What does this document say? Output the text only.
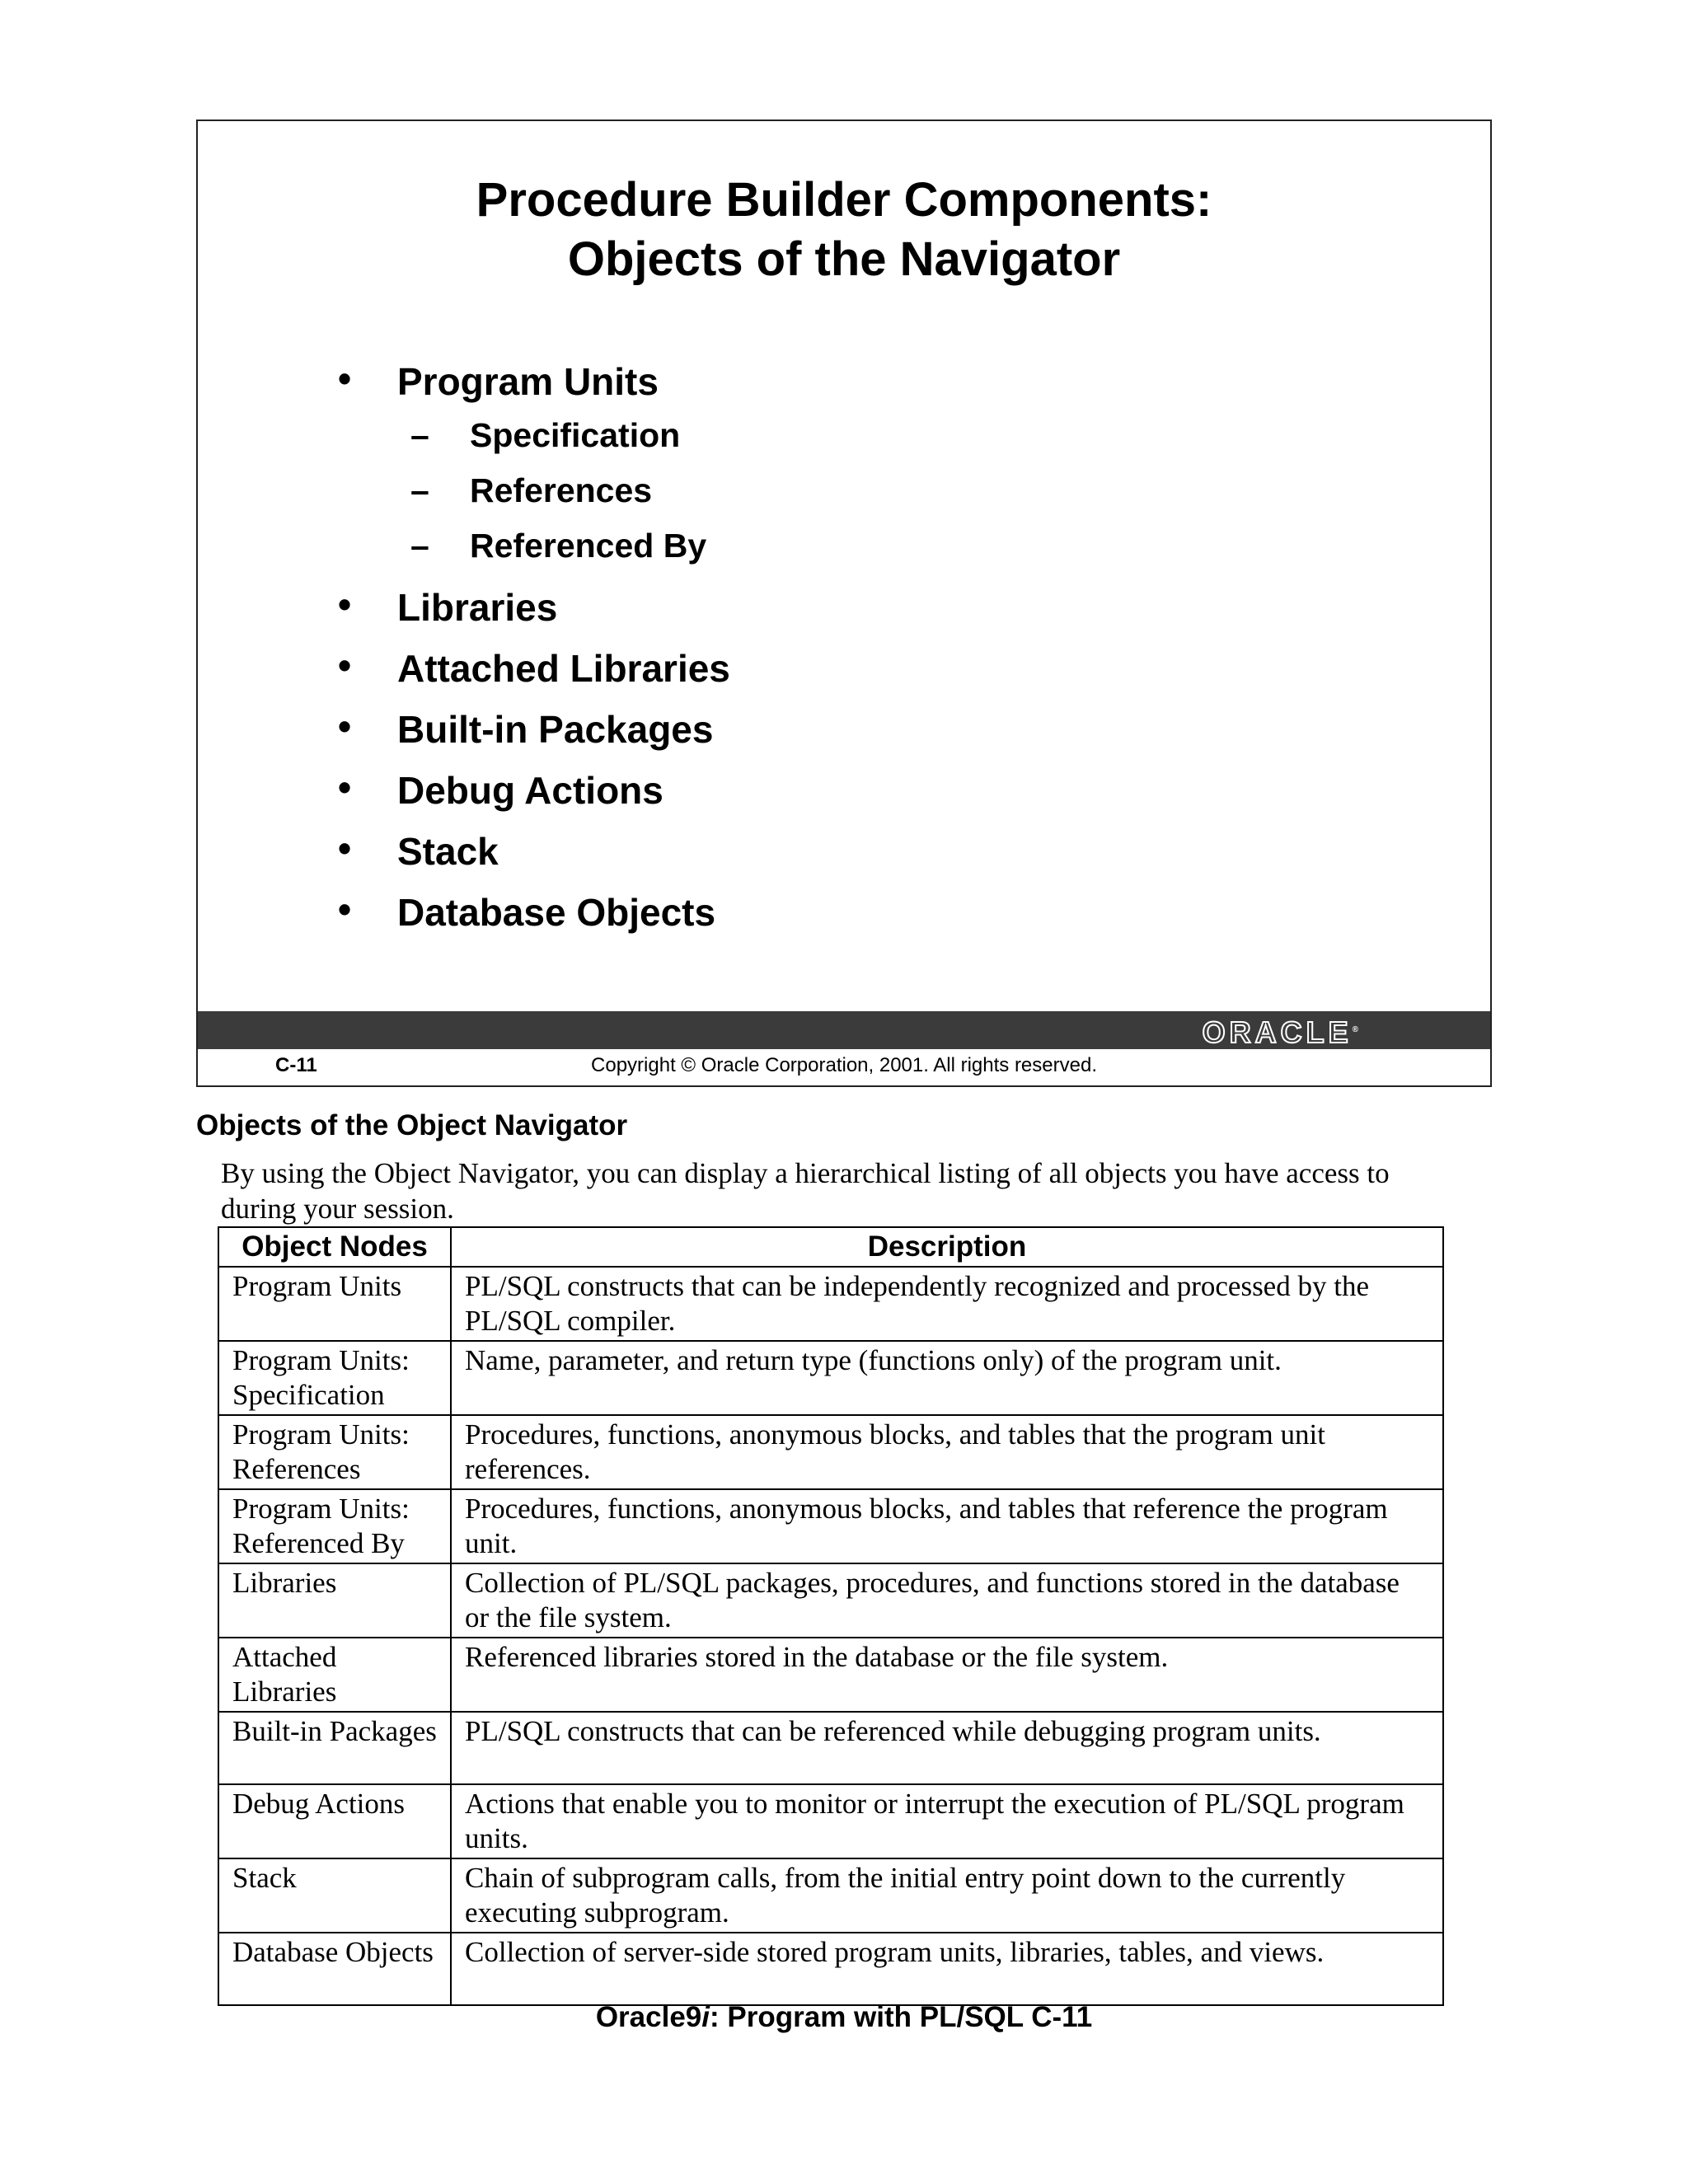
Procedure Builder Components:
Objects of the Navigator
• Program Units
– Specification
– References
– Referenced By
• Libraries
• Attached Libraries
• Built-in Packages
• Debug Actions
• Stack
• Database Objects
ORACLE®
C-11	Copyright © Oracle Corporation, 2001. All rights reserved.
Objects of the Object Navigator
By using the Object Navigator, you can display a hierarchical listing of all objects you have access to during your session.
Object Nodes	Description
Program Units	PL/SQL constructs that can be independently recognized and processed by the PL/SQL compiler.
Program Units: Specification	Name, parameter, and return type (functions only) of the program unit.
Program Units: References	Procedures, functions, anonymous blocks, and tables that the program unit references.
Program Units: Referenced By	Procedures, functions, anonymous blocks, and tables that reference the program unit.
Libraries	Collection of PL/SQL packages, procedures, and functions stored in the database or the file system.
Attached Libraries	Referenced libraries stored in the database or the file system.
Built-in Packages	PL/SQL constructs that can be referenced while debugging program units.
Debug Actions	Actions that enable you to monitor or interrupt the execution of PL/SQL program units.
Stack	Chain of subprogram calls, from the initial entry point down to the currently executing subprogram.
Database Objects	Collection of server-side stored program units, libraries, tables, and views.
Oracle9i: Program with PL/SQL C-11
